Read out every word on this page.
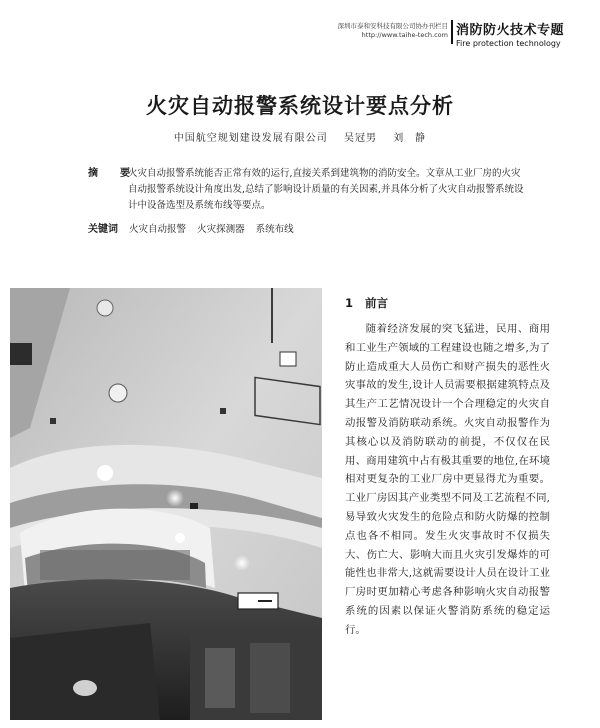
深圳市泰和安科技有限公司协办刊栏目
http://www.taihe-tech.com 消防防火技术专题
Fire protection technology
火灾自动报警系统设计要点分析
中国航空规划建设发展有限公司 吴冠男 刘　静
摘　要
火灾自动报警系统能否正常有效的运行,直接关系到建筑物的消防安全。文章从工业厂房的火灾自动报警系统设计角度出发,总结了影响设计质量的有关因素,并具体分析了火灾自动报警系统设计中设备选型及系统布线等要点。
关键词 火灾自动报警 火灾探测器 系统布线
1 前言
随着经济发展的突飞猛进，民用、商用和工业生产领域的工程建设也随之增多,为了防止造成重大人员伤亡和财产损失的恶性火灾事故的发生,设计人员需要根据建筑特点及其生产工艺情况设计一个合理稳定的火灾自动报警及消防联动系统。火灾自动报警作为其核心以及消防联动的前提，不仅仅在民用、商用建筑中占有极其重要的地位,在环境相对更复杂的工业厂房中更显得尤为重要。工业厂房因其产业类型不同及工艺流程不同,易导致火灾发生的危险点和防火防爆的控制点也各不相同。发生火灾事故时不仅损失大、伤亡大、影响大而且火灾引发爆炸的可能性也非常大,这就需要设计人员在设计工业厂房时更加精心考虑各种影响火灾自动报警系统的因素以保证火警消防系统的稳定运行。
